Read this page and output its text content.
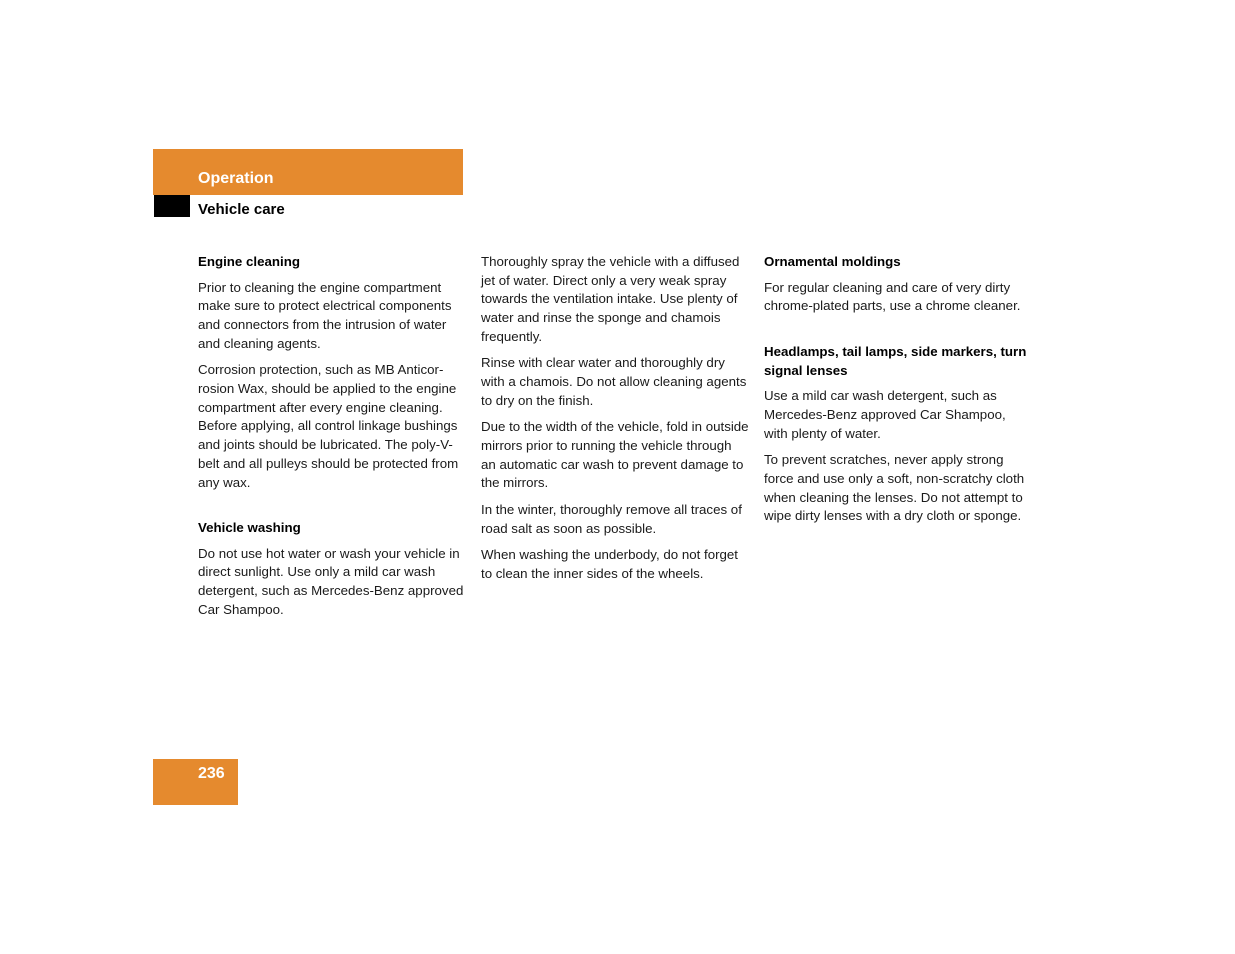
Operation
Vehicle care
Engine cleaning

Prior to cleaning the engine compartment make sure to protect electrical components and connectors from the intrusion of water and cleaning agents.

Corrosion protection, such as MB Anticorrosion Wax, should be applied to the engine compartment after every engine cleaning. Before applying, all control linkage bushings and joints should be lubricated. The poly-V-belt and all pulleys should be protected from any wax.

Vehicle washing

Do not use hot water or wash your vehicle in direct sunlight. Use only a mild car wash detergent, such as Mercedes-Benz approved Car Shampoo.

Thoroughly spray the vehicle with a diffused jet of water. Direct only a very weak spray towards the ventilation intake. Use plenty of water and rinse the sponge and chamois frequently.

Rinse with clear water and thoroughly dry with a chamois. Do not allow cleaning agents to dry on the finish.

Due to the width of the vehicle, fold in outside mirrors prior to running the vehicle through an automatic car wash to prevent damage to the mirrors.

In the winter, thoroughly remove all traces of road salt as soon as possible.

When washing the underbody, do not forget to clean the inner sides of the wheels.

Ornamental moldings

For regular cleaning and care of very dirty chrome-plated parts, use a chrome cleaner.

Headlamps, tail lamps, side markers, turn signal lenses

Use a mild car wash detergent, such as Mercedes-Benz approved Car Shampoo, with plenty of water.

To prevent scratches, never apply strong force and use only a soft, non-scratchy cloth when cleaning the lenses. Do not attempt to wipe dirty lenses with a dry cloth or sponge.

236
